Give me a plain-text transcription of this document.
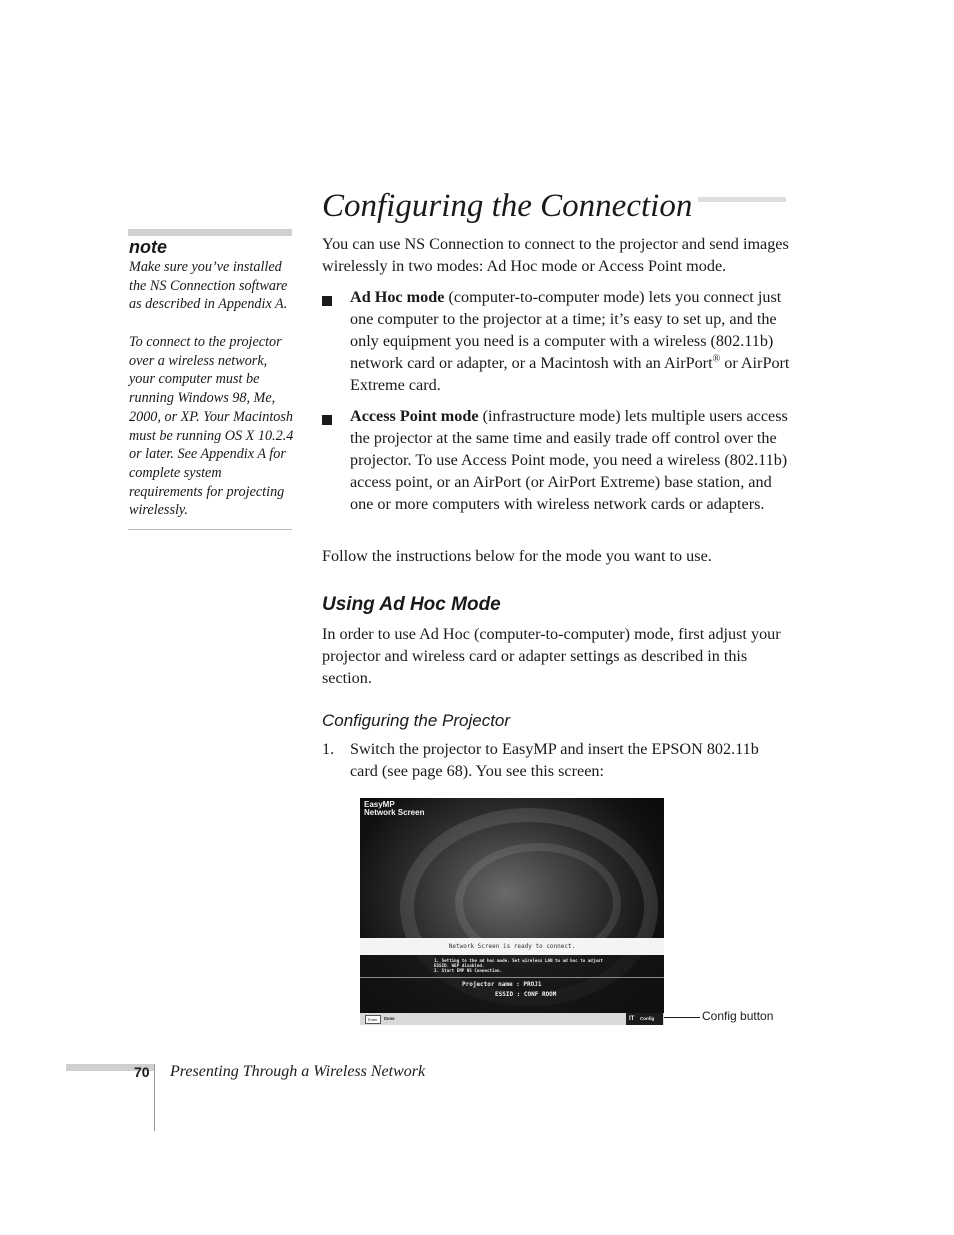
Configuring the Connection

note

Make sure you’ve installed the NS Connection software as described in Appendix A.

To connect to the projector over a wireless network, your computer must be running Windows 98, Me, 2000, or XP. Your Macintosh must be running OS X 10.2.4 or later. See Appendix A for complete system requirements for projecting wirelessly.

You can use NS Connection to connect to the projector and send images wirelessly in two modes: Ad Hoc mode or Access Point mode.

Ad Hoc mode (computer-to-computer mode) lets you connect just one computer to the projector at a time; it’s easy to set up, and the only equipment you need is a computer with a wireless (802.11b) network card or adapter, or a Macintosh with an AirPort® or AirPort Extreme card.

Access Point mode (infrastructure mode) lets multiple users access the projector at the same time and easily trade off control over the projector. To use Access Point mode, you need a wireless (802.11b) access point, or an AirPort (or AirPort Extreme) base station, and one or more computers with wireless network cards or adapters.

Follow the instructions below for the mode you want to use.

Using Ad Hoc Mode

In order to use Ad Hoc (computer-to-computer) mode, first adjust your projector and wireless card or adapter settings as described in this section.

Configuring the Projector

1. Switch the projector to EasyMP and insert the EPSON 802.11b card (see page 68). You see this screen:

EasyMP
Network Screen
Network Screen is ready to connect.
1. Setting to the ad hoc mode. Set wireless LAN to ad hoc to adjust
ESSID. WEP disabled.
2. Start EMP NS Connection.
Projector name : PROJ1
ESSID : CONF ROOM
Enter	Done	IT Config	Config button

70 Presenting Through a Wireless Network
